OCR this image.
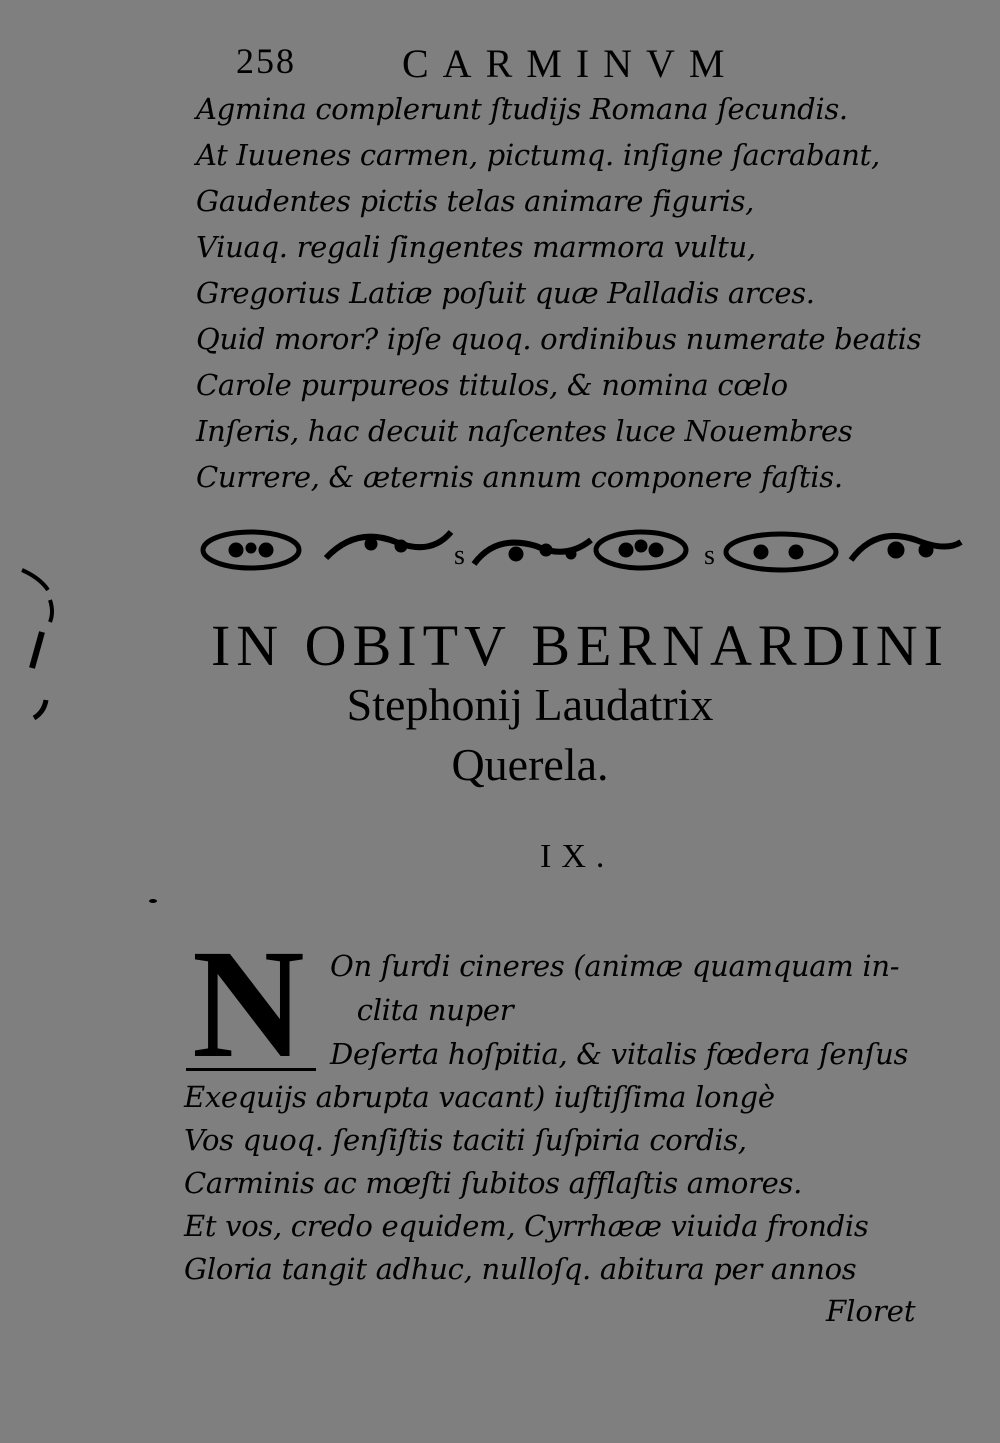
258	CARMINVM
Agmina complerunt ſtudijs Romana ſecundis.
At Iuuenes carmen, pictumq. inſigne ſacrabant,
Gaudentes pictis telas animare figuris,
Viuaq. regali ſingentes marmora vultu,
Gregorius Latiæ poſuit quæ Palladis arces.
Quid moror? ipſe quoq. ordinibus numerate beatis
Carole purpureos titulos, & nomina cœlo
Inſeris, hac decuit naſcentes luce Nouembres
Currere, & æternis annum componere faſtis.
s	s
IN OBITV BERNARDINI
Stephonij Laudatrix
Querela.
IX.
N On ſurdi cineres (animæ quamquam in-
clita nuper
Deſerta hoſpitia, & vitalis fœdera ſenſus
Exequijs abrupta vacant) iuſtiſſima longè
Vos quoq. ſenſiſtis taciti ſuſpiria cordis,
Carminis ac mœſti ſubitos afflaſtis amores.
Et vos, credo equidem, Cyrrhææ viuida frondis
Gloria tangit adhuc, nulloſq. abitura per annos
Floret
